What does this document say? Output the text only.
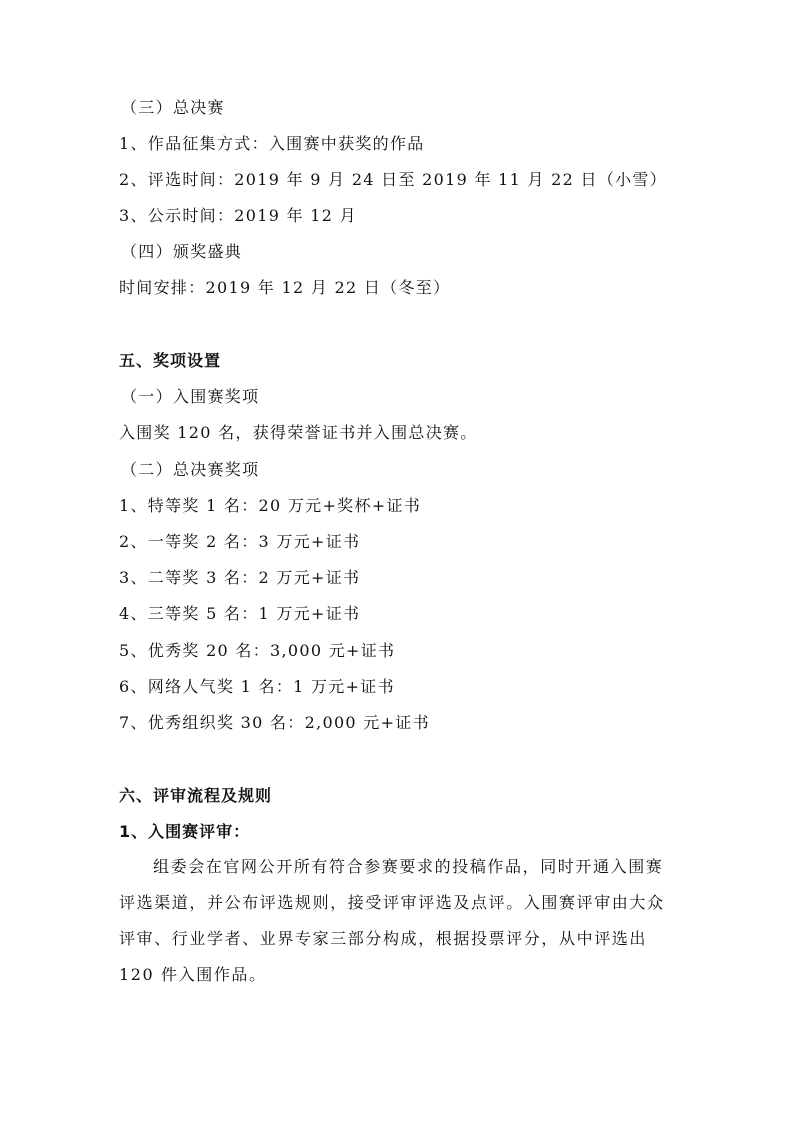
（三）总决赛
1、作品征集方式：入围赛中获奖的作品
2、评选时间：2019 年 9 月 24 日至 2019 年 11 月 22 日（小雪）
3、公示时间：2019 年 12 月
（四）颁奖盛典
时间安排：2019 年 12 月 22 日（冬至）
五、奖项设置
（一）入围赛奖项
入围奖 120 名，获得荣誉证书并入围总决赛。
（二）总决赛奖项
1、特等奖 1 名：20 万元+奖杯+证书
2、一等奖 2 名：3 万元+证书
3、二等奖 3 名：2 万元+证书
4、三等奖 5 名：1 万元+证书
5、优秀奖 20 名：3,000 元+证书
6、网络人气奖 1 名：1 万元+证书
7、优秀组织奖 30 名：2,000 元+证书
六、评审流程及规则
1、入围赛评审：
组委会在官网公开所有符合参赛要求的投稿作品，同时开通入围赛评选渠道，并公布评选规则，接受评审评选及点评。入围赛评审由大众评审、行业学者、业界专家三部分构成，根据投票评分，从中评选出 120 件入围作品。
